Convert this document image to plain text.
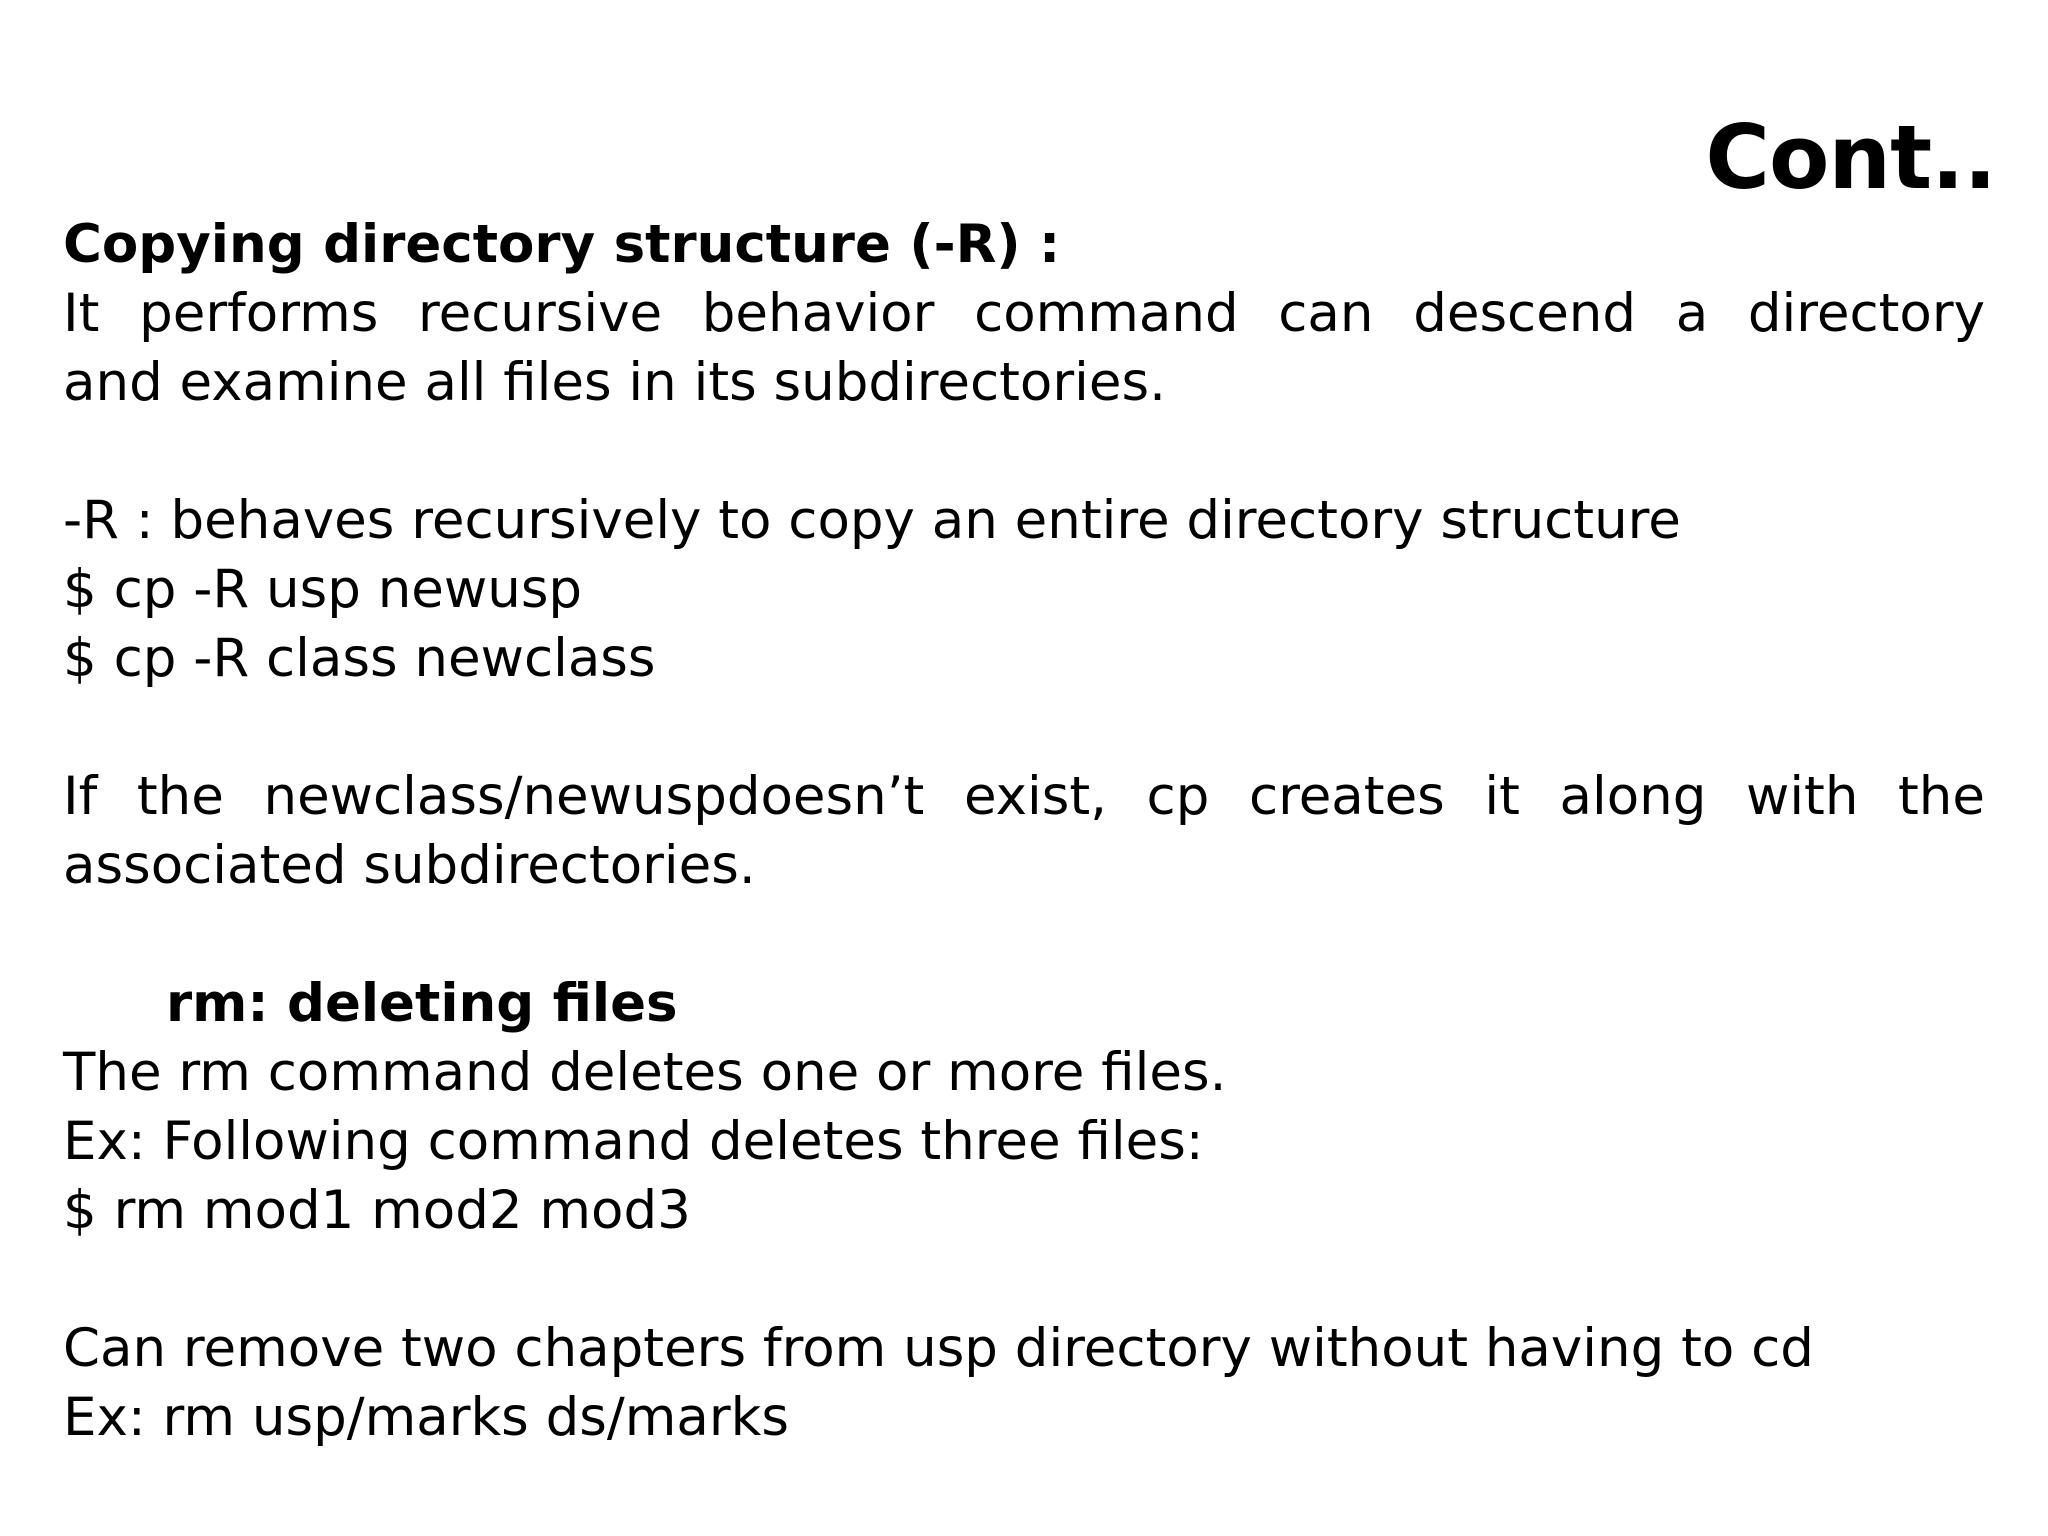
Cont..
Copying directory structure (-R) :
It performs recursive behavior command can descend a directory
and examine all files in its subdirectories.
-R : behaves recursively to copy an entire directory structure
$ cp -R usp newusp
$ cp -R class newclass
If the newclass/newuspdoesn’t exist, cp creates it along with the
associated subdirectories.
rm: deleting files
The rm command deletes one or more files.
Ex: Following command deletes three files:
$ rm mod1 mod2 mod3
Can remove two chapters from usp directory without having to cd
Ex: rm usp/marks ds/marks
